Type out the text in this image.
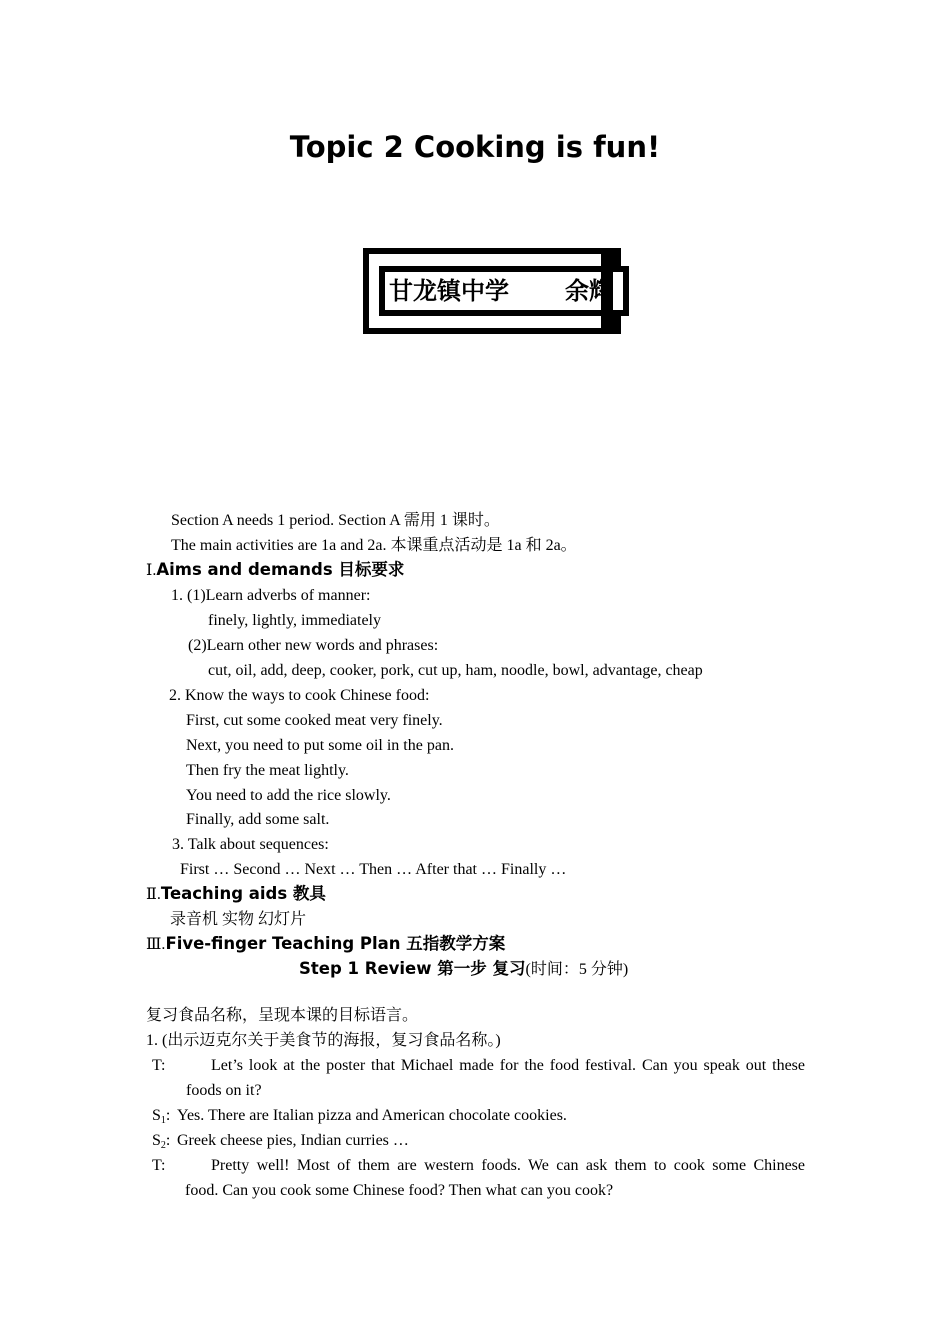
Topic 2 Cooking is fun!
甘龙镇中学 余辉
Section A needs 1 period. Section A 需用 1 课时。
The main activities are 1a and 2a. 本课重点活动是 1a 和 2a。
Ⅰ.Aims and demands 目标要求
1. (1)Learn adverbs of manner:
finely, lightly, immediately
(2)Learn other new words and phrases:
cut, oil, add, deep, cooker, pork, cut up, ham, noodle, bowl, advantage, cheap
2. Know the ways to cook Chinese food:
First, cut some cooked meat very finely.
Next, you need to put some oil in the pan.
Then fry the meat lightly.
You need to add the rice slowly.
Finally, add some salt.
3. Talk about sequences:
First … Second … Next … Then … After that … Finally …
Ⅱ.Teaching aids 教具
录音机 实物 幻灯片
Ⅲ.Five-finger Teaching Plan 五指教学方案
Step 1 Review 第一步 复习(时间：5 分钟)
复习食品名称，呈现本课的目标语言。
1. (出示迈克尔关于美食节的海报，复习食品名称。)
T:	Let’s look at the poster that Michael made for the food festival. Can you speak out these
foods on it?
$S_1$: Yes. There are Italian pizza and American chocolate cookies.
$S_2$: Greek cheese pies, Indian curries …
T:	Pretty well! Most of them are western foods. We can ask them to cook some Chinese
food. Can you cook some Chinese food? Then what can you cook?
